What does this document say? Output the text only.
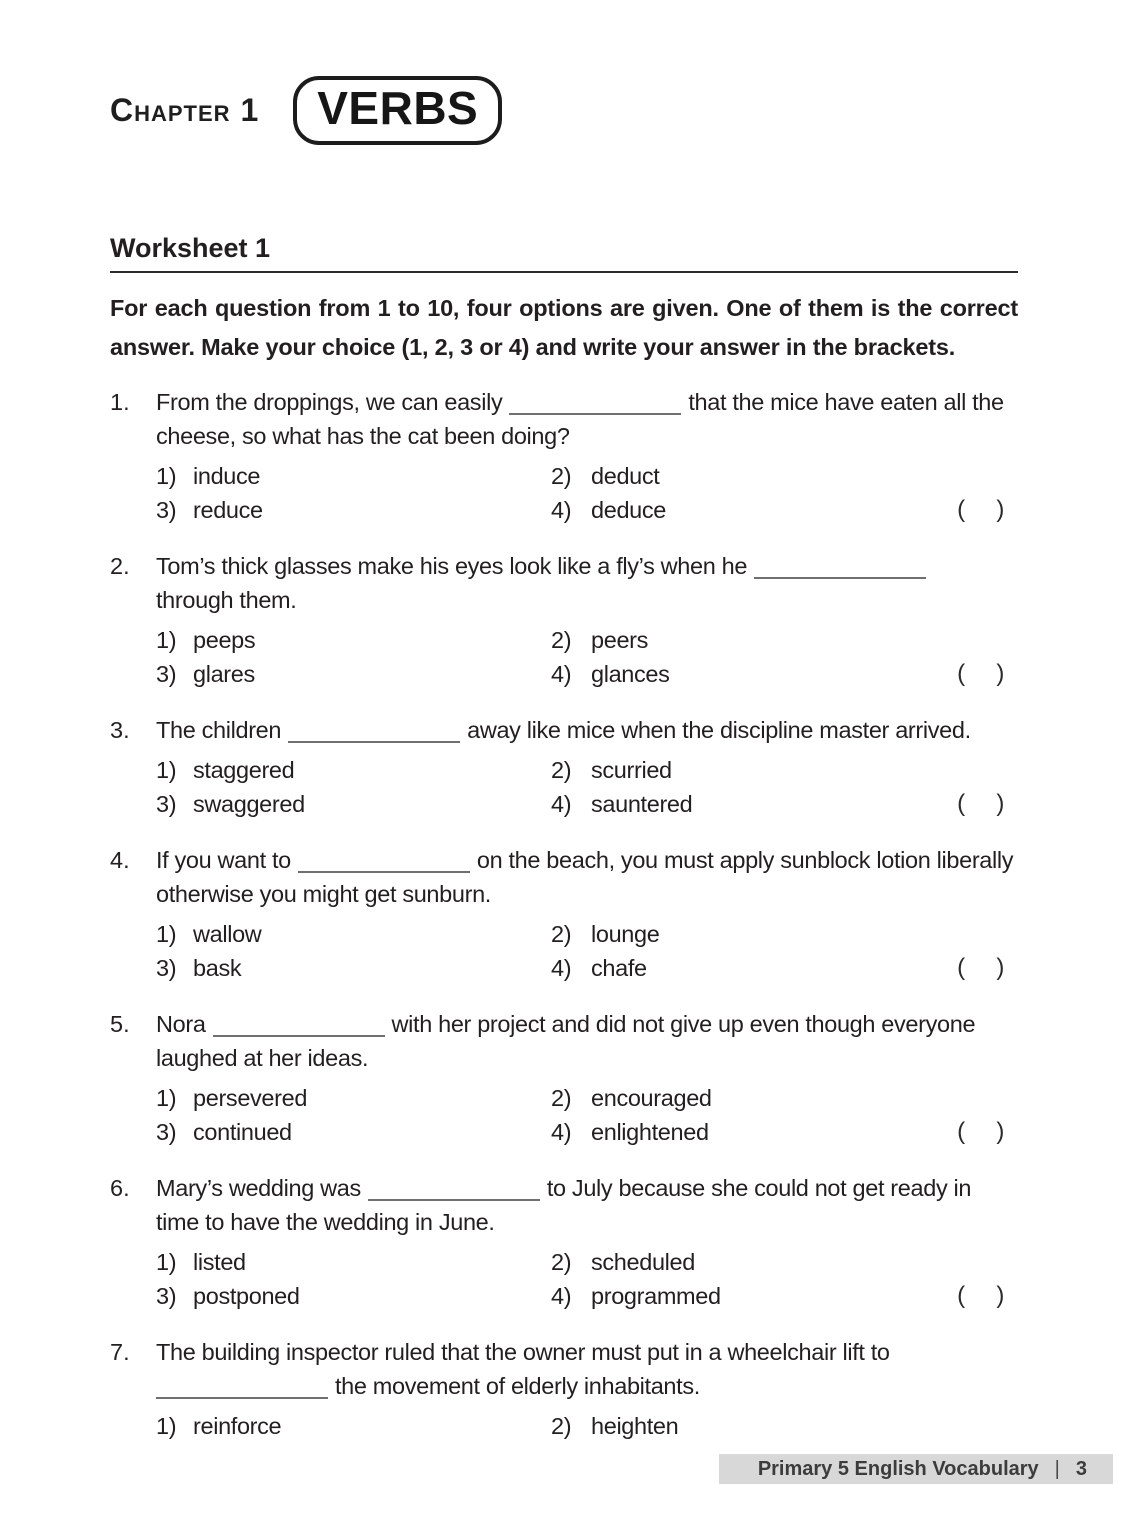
Chapter 1	VERBS
Worksheet 1
For each question from 1 to 10, four options are given. One of them is the correct answer. Make your choice (1, 2, 3 or 4) and write your answer in the brackets.
1.	From the droppings, we can easily	that the mice have eaten all the cheese, so what has the cat been doing?
1) induce	2) deduct
3) reduce	4) deduce	(     )
2.	Tom’s thick glasses make his eyes look like a fly’s when he
through them.
1) peeps	2) peers
3) glares	4) glances	(     )
3.	The children	away like mice when the discipline master arrived.
1) staggered	2) scurried
3) swaggered	4) sauntered	(     )
4.	If you want to	on the beach, you must apply sunblock lotion liberally otherwise you might get sunburn.
1) wallow	2) lounge
3) bask	4) chafe	(     )
5.	Nora	with her project and did not give up even though everyone laughed at her ideas.
1) persevered	2) encouraged
3) continued	4) enlightened	(     )
6.	Mary’s wedding was	to July because she could not get ready in time to have the wedding in June.
1) listed	2) scheduled
3) postponed	4) programmed	(     )
7.	The building inspector ruled that the owner must put in a wheelchair lift to
the movement of elderly inhabitants.
1) reinforce	2) heighten
Primary 5 English Vocabulary | 3
